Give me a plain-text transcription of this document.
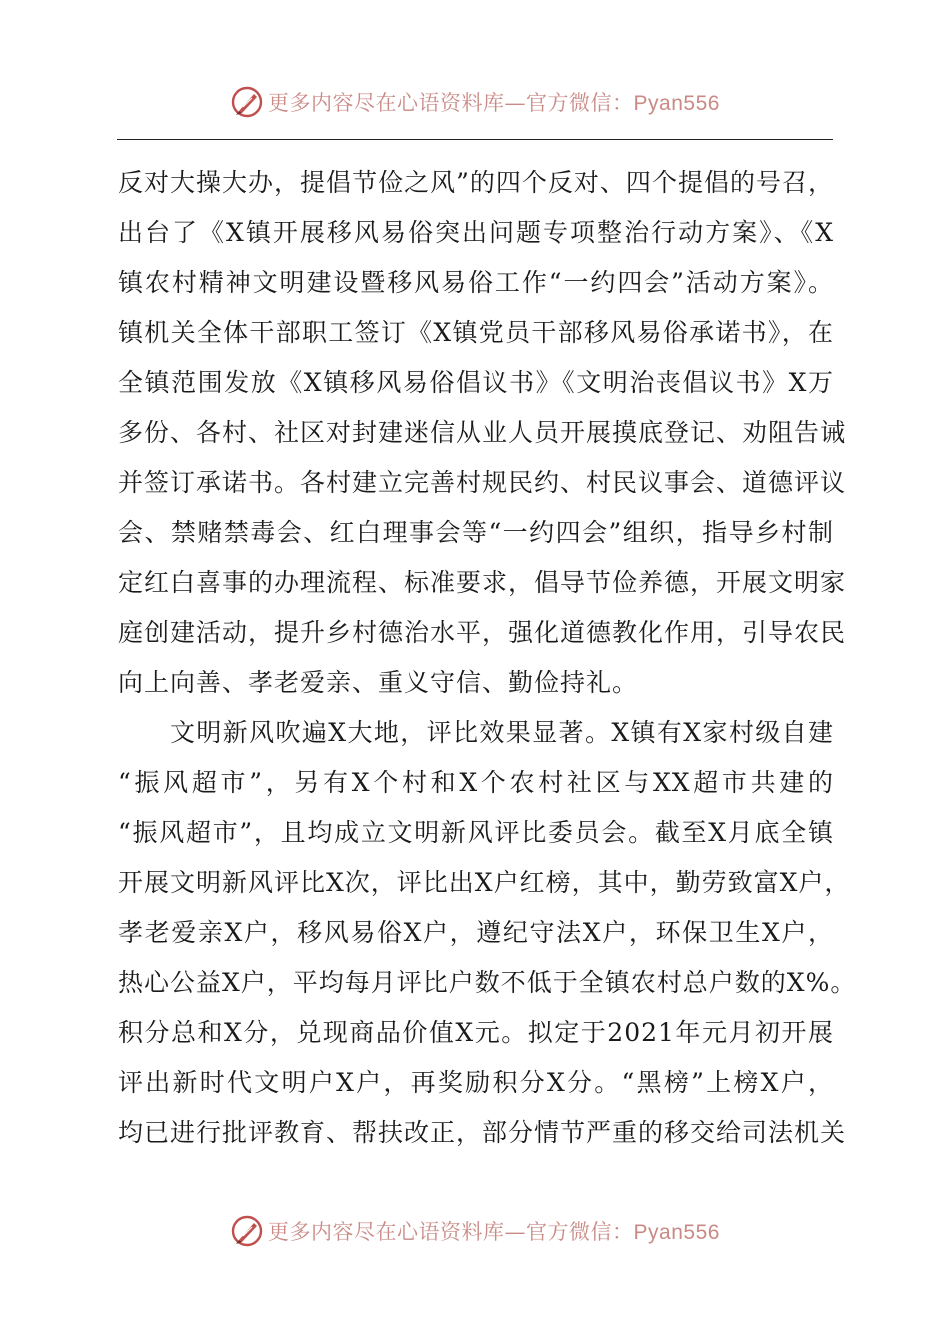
更多内容尽在心语资料库—官方微信：Pyan556
反对大操大办，提倡节俭之风”的四个反对、四个提倡的号召，
出台了《X镇开展移风易俗突出问题专项整治行动方案》、《X
镇农村精神文明建设暨移风易俗工作“一约四会”活动方案》。
镇机关全体干部职工签订《X镇党员干部移风易俗承诺书》，在
全镇范围发放《X镇移风易俗倡议书》《文明治丧倡议书》X万
多份、各村、社区对封建迷信从业人员开展摸底登记、劝阻告诫
并签订承诺书。各村建立完善村规民约、村民议事会、道德评议
会、禁赌禁毒会、红白理事会等“一约四会”组织，指导乡村制
定红白喜事的办理流程、标准要求，倡导节俭养德，开展文明家
庭创建活动，提升乡村德治水平，强化道德教化作用，引导农民
向上向善、孝老爱亲、重义守信、勤俭持礼。
文明新风吹遍X大地，评比效果显著。X镇有X家村级自建
“振风超市”，另有X个村和X个农村社区与XX超市共建的
“振风超市”，且均成立文明新风评比委员会。截至X月底全镇
开展文明新风评比X次，评比出X户红榜，其中，勤劳致富X户，
孝老爱亲X户，移风易俗X户，遵纪守法X户，环保卫生X户，
热心公益X户，平均每月评比户数不低于全镇农村总户数的X%。
积分总和X分，兑现商品价值X元。拟定于2021年元月初开展
评出新时代文明户X户，再奖励积分X分。“黑榜”上榜X户，
均已进行批评教育、帮扶改正，部分情节严重的移交给司法机关
更多内容尽在心语资料库—官方微信：Pyan556
